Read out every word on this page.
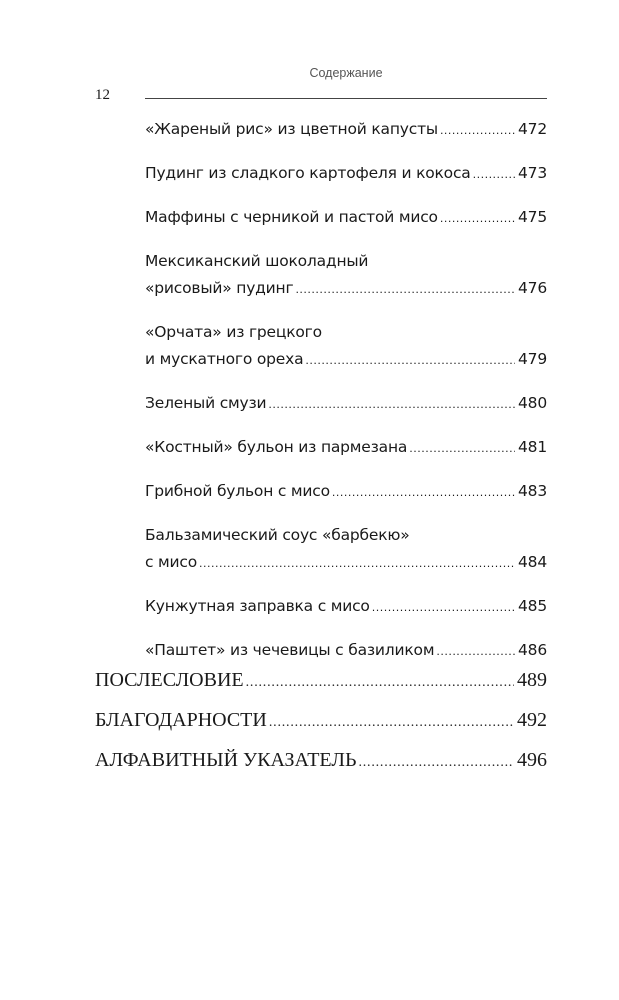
Содержание
12
«Жареный рис» из цветной капусты .....	472
Пудинг из сладкого картофеля и кокоса .....	473
Маффины с черникой и пастой мисо .....	475
Мексиканский шоколадный
«рисовый» пудинг .....	476
«Орчата» из грецкого
и мускатного ореха .....	479
Зеленый смузи .....	480
«Костный» бульон из пармезана .....	481
Грибной бульон с мисо .....	483
Бальзамический соус «барбекю»
с мисо .....	484
Кунжутная заправка с мисо .....	485
«Паштет» из чечевицы с базиликом .....	486
ПОСЛЕСЛОВИЕ .....	489
БЛАГОДАРНОСТИ .....	492
АЛФАВИТНЫЙ УКАЗАТЕЛЬ .....	496
